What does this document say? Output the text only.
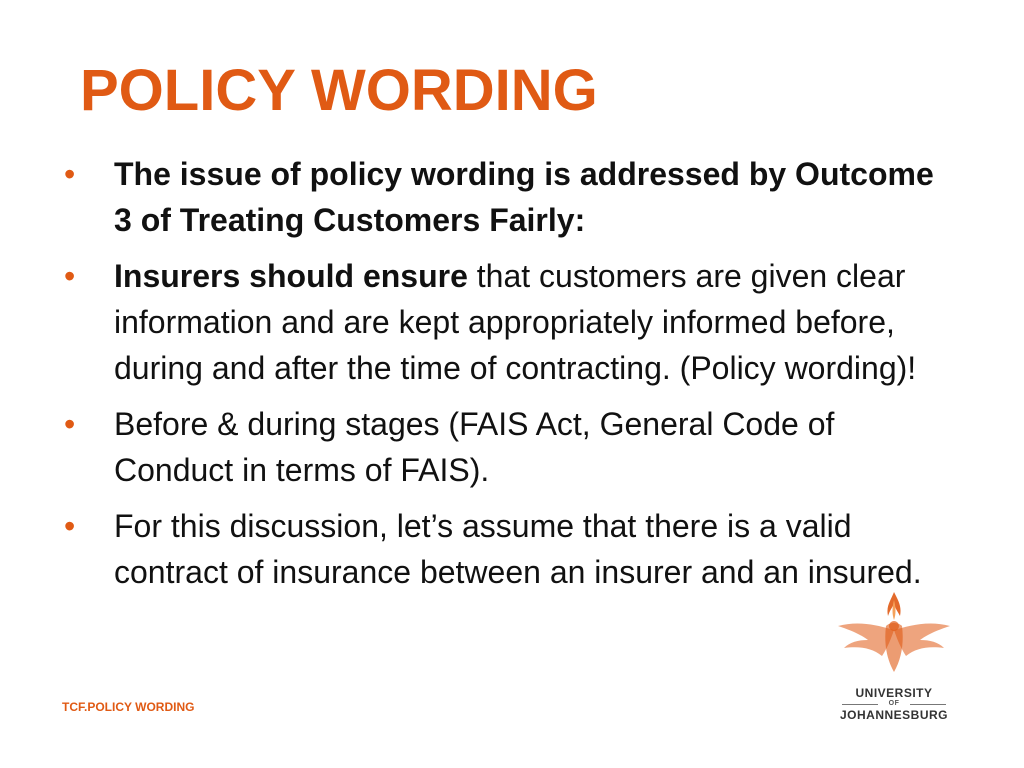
POLICY WORDING
• The issue of policy wording is addressed by Outcome 3 of Treating Customers Fairly:
• Insurers should ensure that customers are given clear information and are kept appropriately informed before, during and after the time of contracting. (Policy wording)!
• Before & during stages (FAIS Act, General Code of Conduct in terms of FAIS).
• For this discussion, let’s assume that there is a valid contract of insurance between an insurer and an insured.
TCF.POLICY WORDING
UNIVERSITY
OF
JOHANNESBURG
